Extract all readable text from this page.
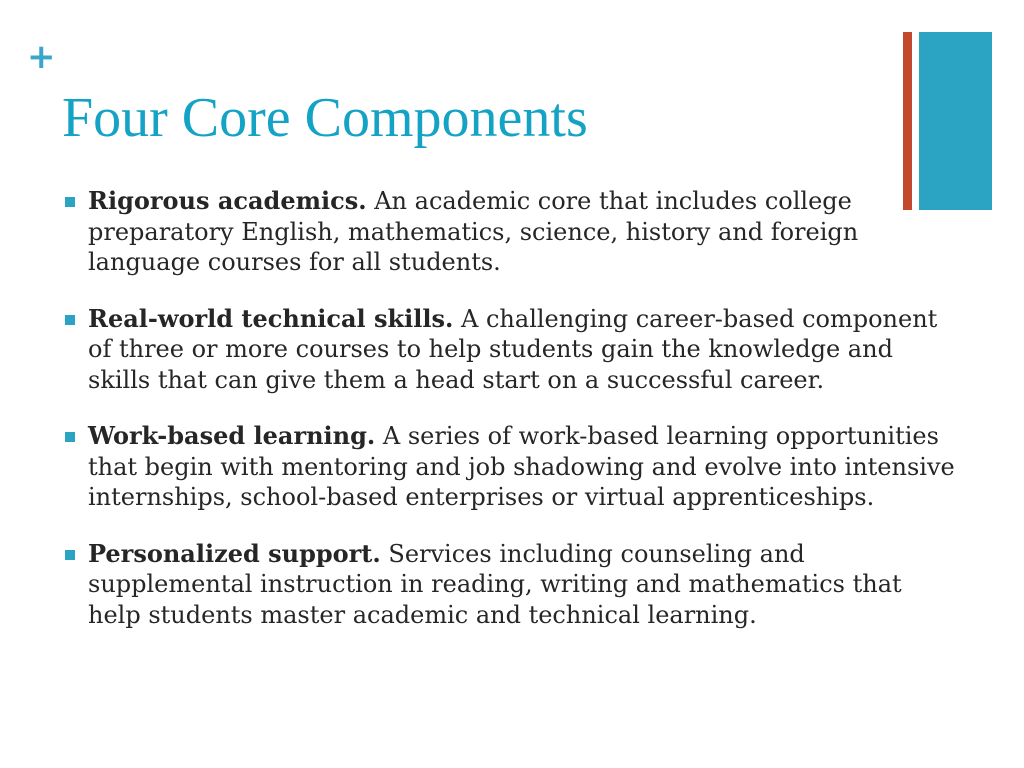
+
Four Core Components
Rigorous academics. An academic core that includes college preparatory English, mathematics, science, history and foreign language courses for all students.
Real-world technical skills. A challenging career-based component of three or more courses to help students gain the knowledge and skills that can give them a head start on a successful career.
Work-based learning. A series of work-based learning opportunities that begin with mentoring and job shadowing and evolve into intensive internships, school-based enterprises or virtual apprenticeships.
Personalized support. Services including counseling and supplemental instruction in reading, writing and mathematics that help students master academic and technical learning.
